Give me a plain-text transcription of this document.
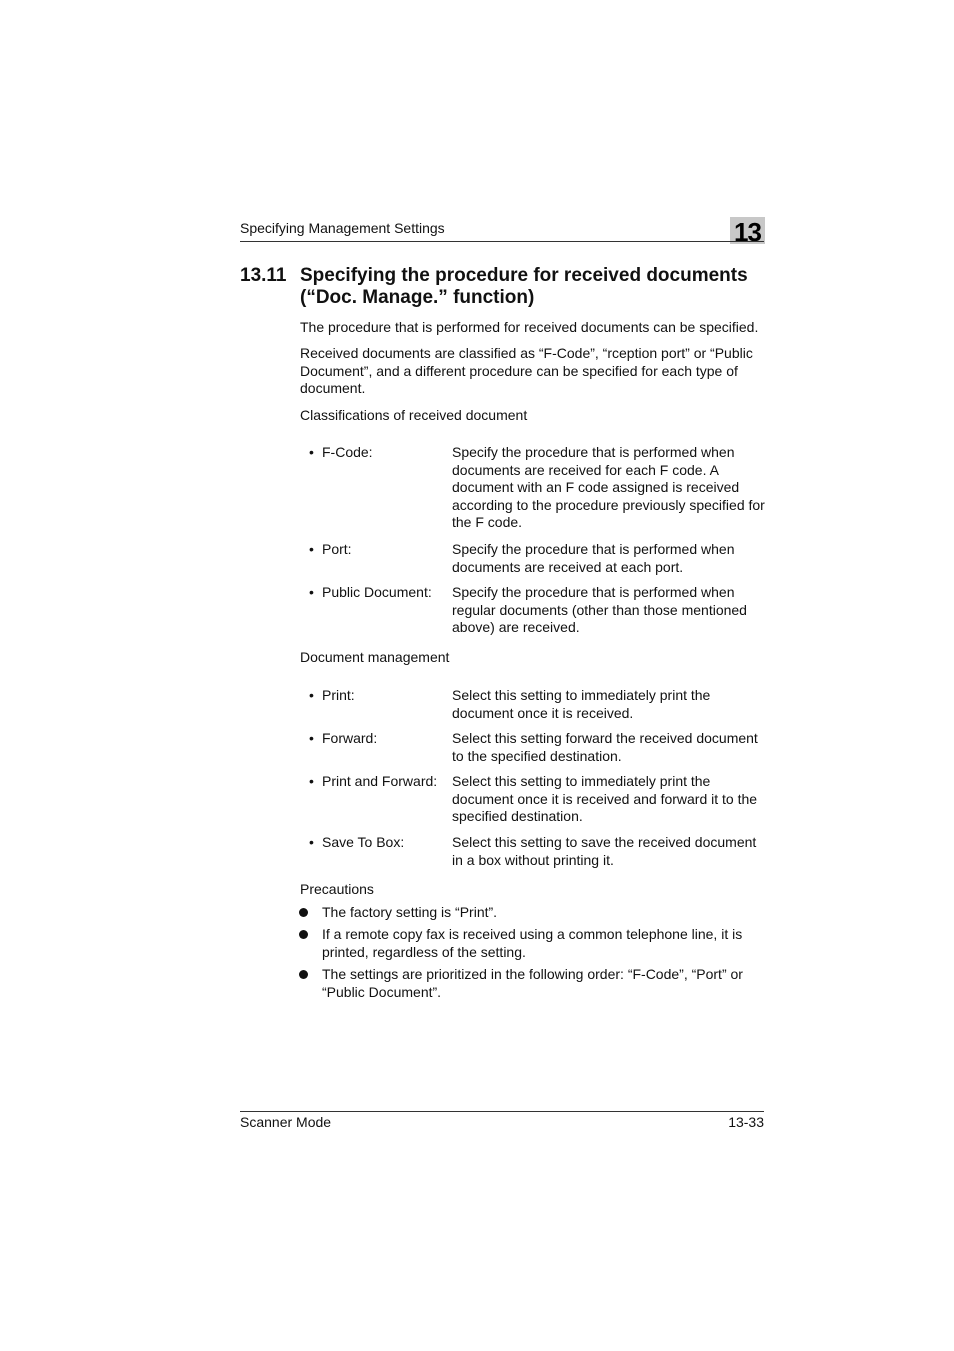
Specifying Management Settings	13
13.11 Specifying the procedure for received documents (“Doc. Manage.” function)
The procedure that is performed for received documents can be specified.
Received documents are classified as “F-Code”, “rception port” or “Public Document”, and a different procedure can be specified for each type of document.
Classifications of received document
• F-Code:	Specify the procedure that is performed when documents are received for each F code. A document with an F code assigned is received according to the procedure previously specified for the F code.
• Port:	Specify the procedure that is performed when documents are received at each port.
• Public Document: Specify the procedure that is performed when regular documents (other than those mentioned above) are received.
Document management
• Print:	Select this setting to immediately print the document once it is received.
• Forward:	Select this setting forward the received document to the specified destination.
• Print and Forward: Select this setting to immediately print the document once it is received and forward it to the specified destination.
• Save To Box:	Select this setting to save the received document in a box without printing it.
Precautions
The factory setting is “Print”.
If a remote copy fax is received using a common telephone line, it is printed, regardless of the setting.
The settings are prioritized in the following order: “F-Code”, “Port” or “Public Document”.
Scanner Mode	13-33
